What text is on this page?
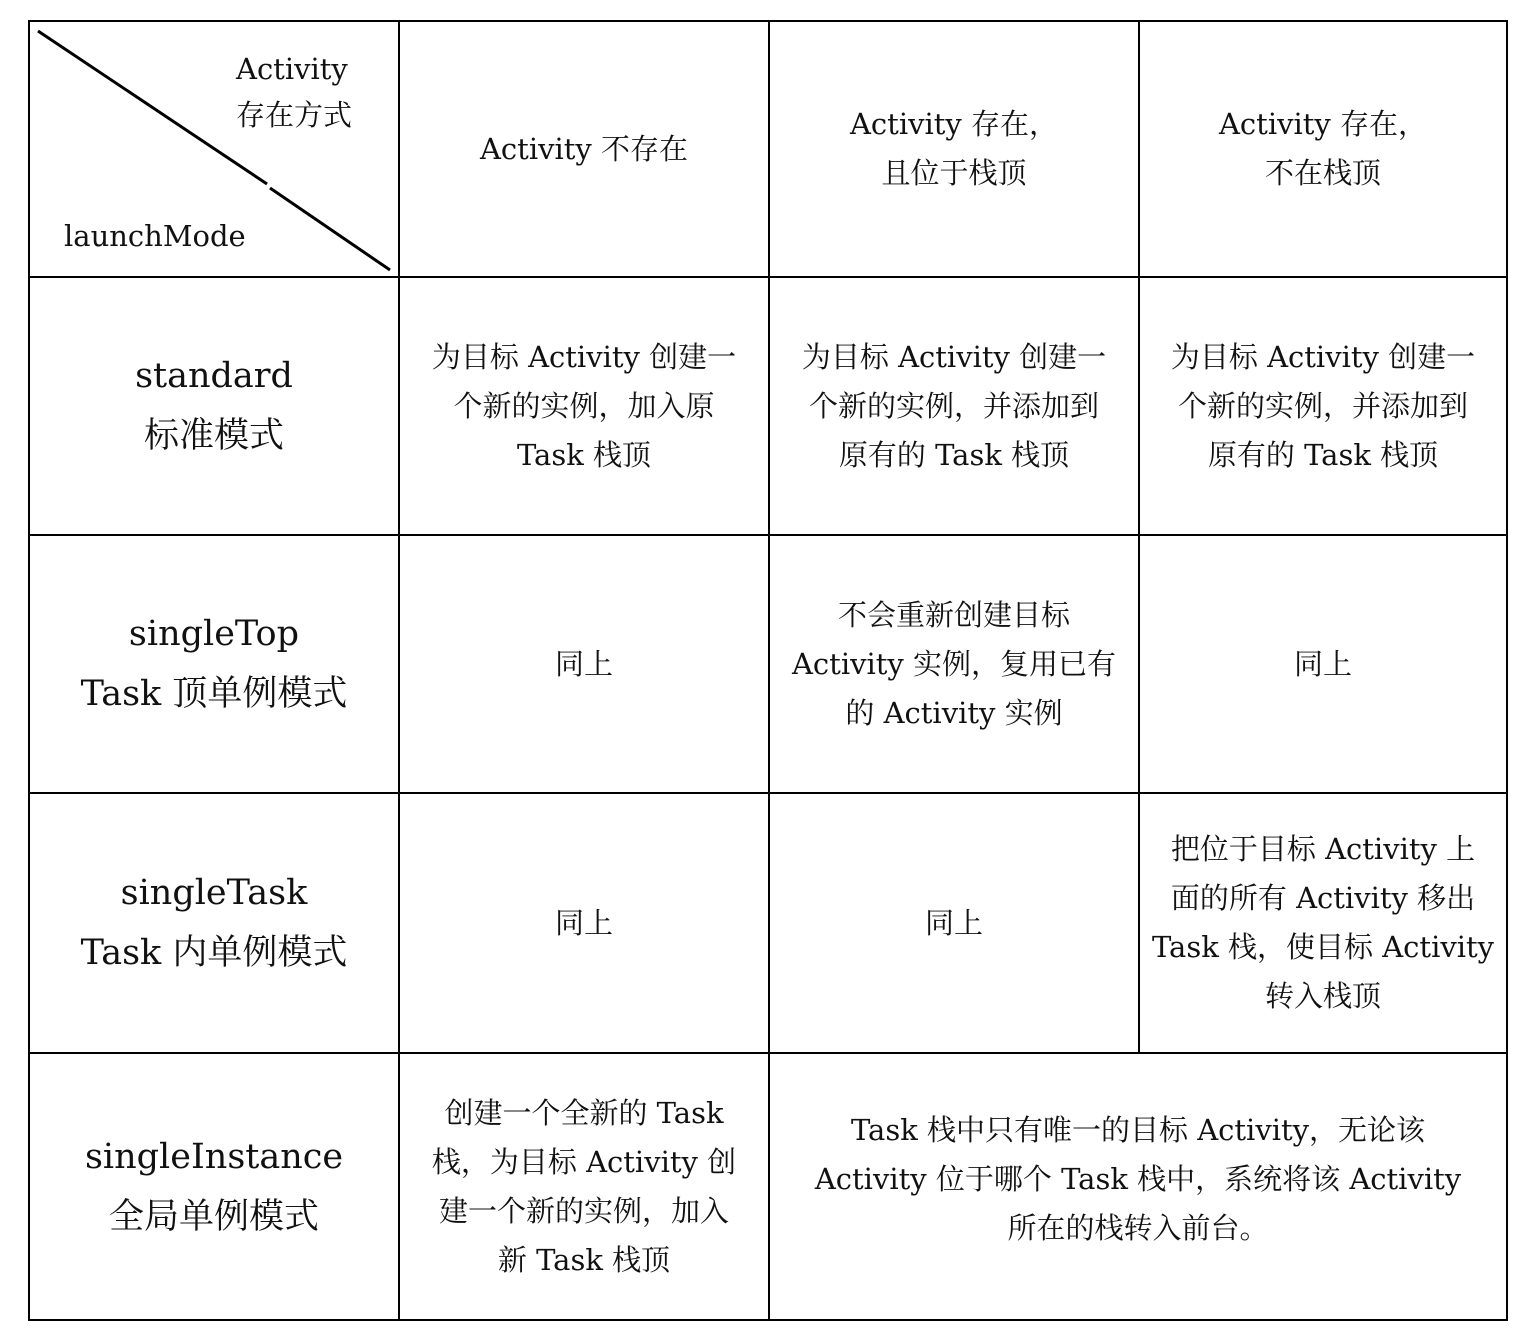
Activity
存在方式
launchMode
Activity 不存在
Activity 存在，
且位于栈顶
Activity 存在，
不在栈顶
standard
标准模式
为目标 Activity 创建一
个新的实例，加入原
Task 栈顶
为目标 Activity 创建一
个新的实例，并添加到
原有的 Task 栈顶
为目标 Activity 创建一
个新的实例，并添加到
原有的 Task 栈顶
singleTop
Task 顶单例模式
同上
不会重新创建目标
Activity 实例，复用已有
的 Activity 实例
同上
singleTask
Task 内单例模式
同上	同上
把位于目标 Activity 上
面的所有 Activity 移出
Task 栈，使目标 Activity
转入栈顶
singleInstance
全局单例模式
创建一个全新的 Task
栈，为目标 Activity 创
建一个新的实例，加入
新 Task 栈顶
Task 栈中只有唯一的目标 Activity，无论该
Activity 位于哪个 Task 栈中，系统将该 Activity
所在的栈转入前台。
